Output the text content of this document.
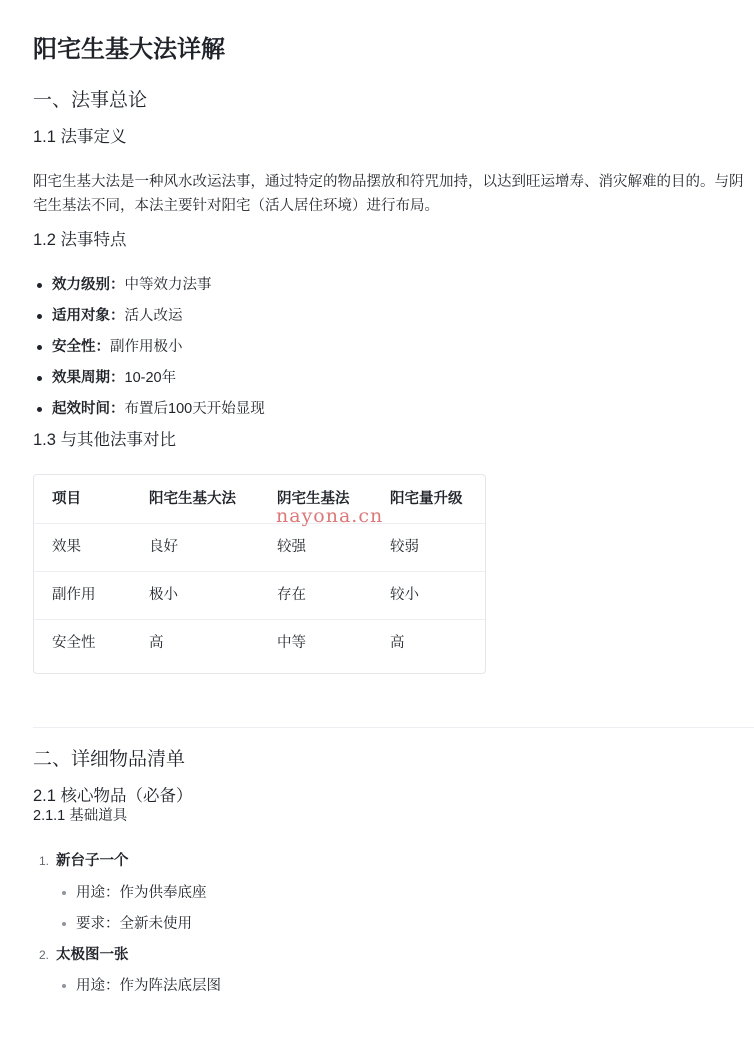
阳宅生基大法详解
一、法事总论
1.1 法事定义

阳宅生基大法是一种风水改运法事，通过特定的物品摆放和符咒加持，以达到旺运增寿、消灾解难的目的。与阴宅生基法不同，本法主要针对阳宅（活人居住环境）进行布局。

1.2 法事特点
效力级别：中等效力法事
适用对象：活人改运
安全性：副作用极小
效果周期：10-20年
起效时间：布置后100天开始显现
1.3 与其他法事对比
项目	阳宅生基大法	阴宅生基法	阳宅量升级
效果	良好	较强	较弱
副作用	极小	存在	较小
安全性	高	中等	高
二、详细物品清单
2.1 核心物品（必备）
2.1.1 基础道具
1. 新台子一个
用途：作为供奉底座
要求：全新未使用
2. 太极图一张
用途：作为阵法底层图
nayona.cn
